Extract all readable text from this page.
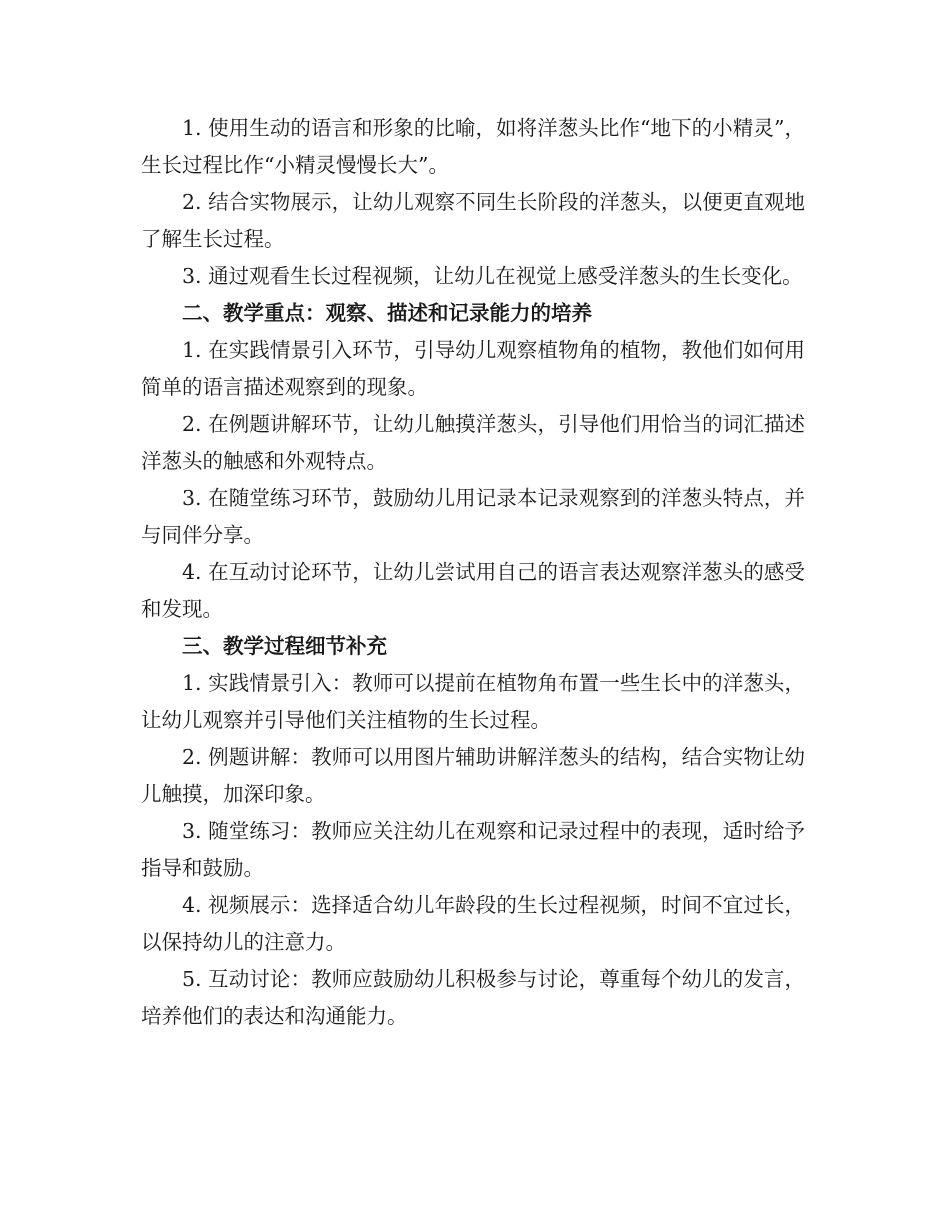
1. 使用生动的语言和形象的比喻，如将洋葱头比作“地下的小精灵”，生长过程比作“小精灵慢慢长大”。

2. 结合实物展示，让幼儿观察不同生长阶段的洋葱头，以便更直观地了解生长过程。

3. 通过观看生长过程视频，让幼儿在视觉上感受洋葱头的生长变化。

二、教学重点：观察、描述和记录能力的培养

1. 在实践情景引入环节，引导幼儿观察植物角的植物，教他们如何用简单的语言描述观察到的现象。

2. 在例题讲解环节，让幼儿触摸洋葱头，引导他们用恰当的词汇描述洋葱头的触感和外观特点。

3. 在随堂练习环节，鼓励幼儿用记录本记录观察到的洋葱头特点，并与同伴分享。

4. 在互动讨论环节，让幼儿尝试用自己的语言表达观察洋葱头的感受和发现。

三、教学过程细节补充

1. 实践情景引入：教师可以提前在植物角布置一些生长中的洋葱头，让幼儿观察并引导他们关注植物的生长过程。

2. 例题讲解：教师可以用图片辅助讲解洋葱头的结构，结合实物让幼儿触摸，加深印象。

3. 随堂练习：教师应关注幼儿在观察和记录过程中的表现，适时给予指导和鼓励。

4. 视频展示：选择适合幼儿年龄段的生长过程视频，时间不宜过长，以保持幼儿的注意力。

5. 互动讨论：教师应鼓励幼儿积极参与讨论，尊重每个幼儿的发言，培养他们的表达和沟通能力。
